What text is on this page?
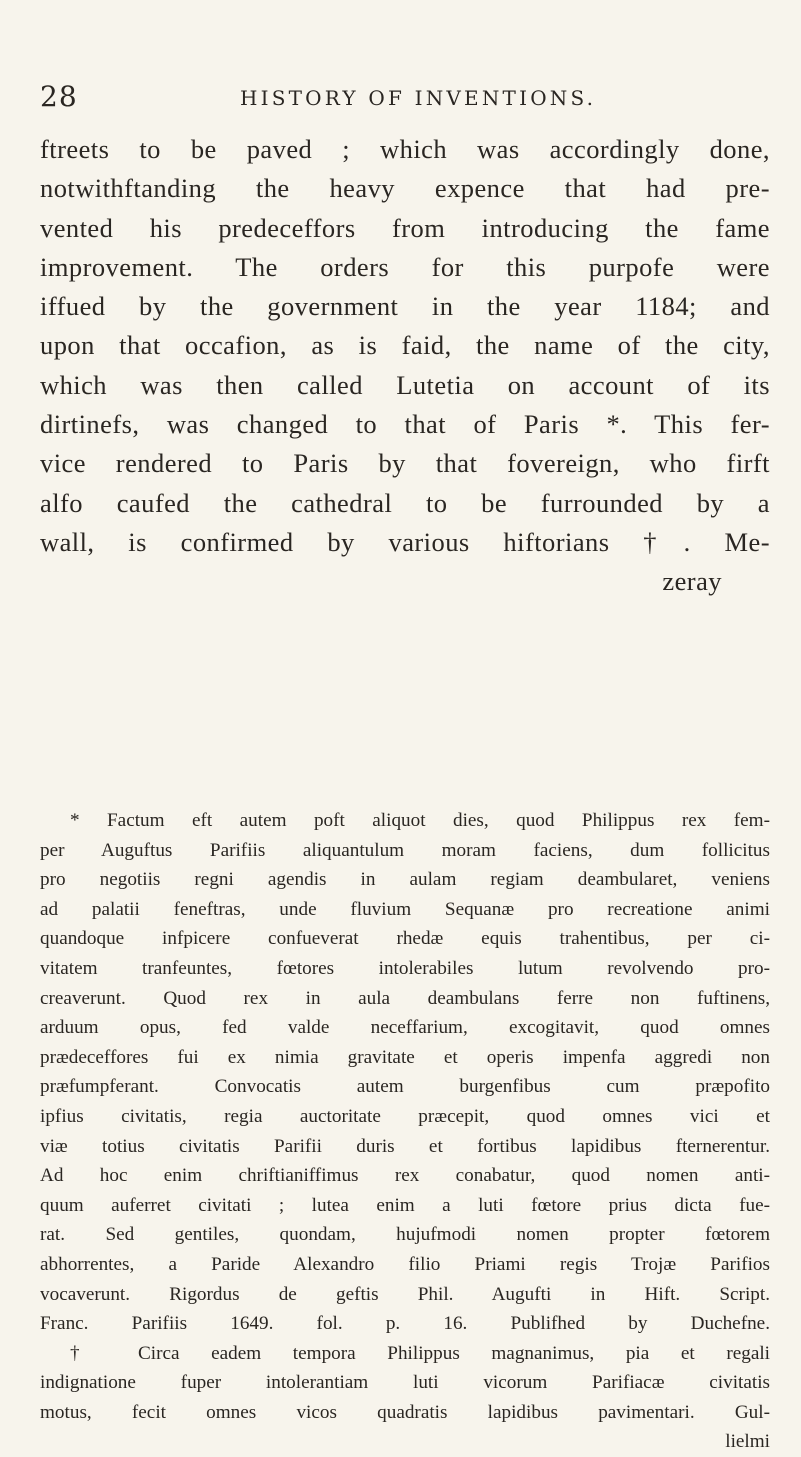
28	HISTORY OF INVENTIONS.
ftreets to be paved ; which was accordingly done,
notwithftanding the heavy expence that had pre-
vented his predeceffors from introducing the fame
improvement. The orders for this purpofe were
iffued by the government in the year 1184; and
upon that occafion, as is faid, the name of the city,
which was then called Lutetia on account of its
dirtinefs, was changed to that of Paris *. This fer-
vice rendered to Paris by that fovereign, who firft
alfo caufed the cathedral to be furrounded by a
wall, is confirmed by various hiftorians †. Me-
zeray
* Factum eft autem poft aliquot dies, quod Philippus rex fem-
per Auguftus Parifiis aliquantulum moram faciens, dum follicitus
pro negotiis regni agendis in aulam regiam deambularet, veniens
ad palatii feneftras, unde fluvium Sequanæ pro recreatione animi
quandoque infpicere confueverat rhedæ equis trahentibus, per ci-
vitatem tranfeuntes, fœtores intolerabiles lutum revolvendo pro-
creaverunt. Quod rex in aula deambulans ferre non fuftinens,
arduum opus, fed valde neceffarium, excogitavit, quod omnes
prædeceffores fui ex nimia gravitate et operis impenfa aggredi non
præfumpferant. Convocatis autem burgenfibus cum præpofito
ipfius civitatis, regia auctoritate præcepit, quod omnes vici et
viæ totius civitatis Parifii duris et fortibus lapidibus fternerentur.
Ad hoc enim chriftianiffimus rex conabatur, quod nomen anti-
quum auferret civitati ; lutea enim a luti fœtore prius dicta fue-
rat. Sed gentiles, quondam, hujufmodi nomen propter fœtorem
abhorrentes, a Paride Alexandro filio Priami regis Trojæ Parifios
vocaverunt. Rigordus de geftis Phil. Augufti in Hift. Script.
Franc. Parifiis 1649. fol. p. 16. Publifhed by Duchefne.
† Circa eadem tempora Philippus magnanimus, pia et regali
indignatione fuper intolerantiam luti vicorum Parifiacæ civitatis
motus, fecit omnes vicos quadratis lapidibus pavimentari. Gul-
lielmi
